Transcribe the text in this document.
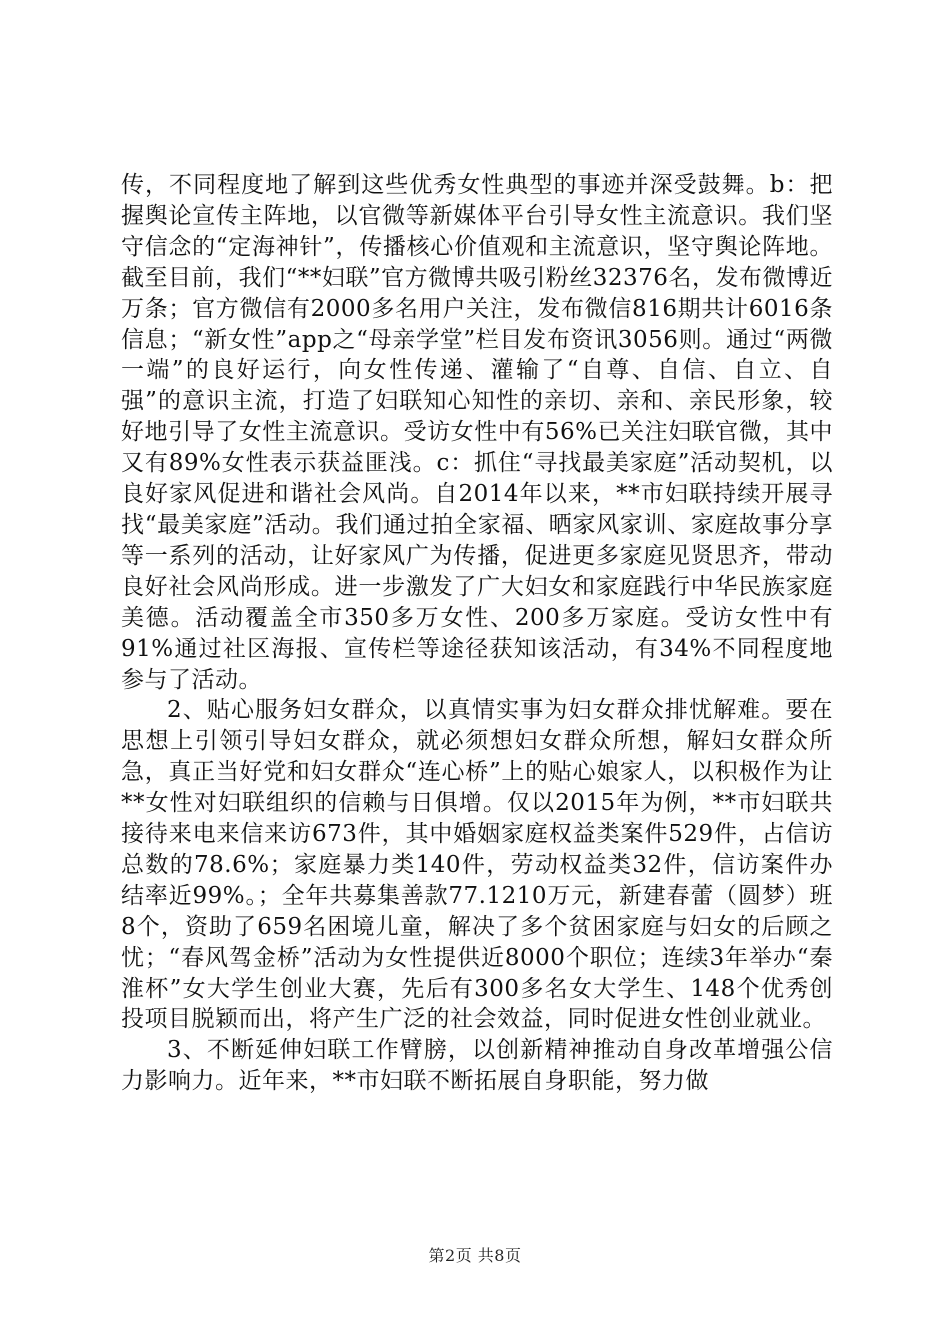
传，不同程度地了解到这些优秀女性典型的事迹并深受鼓舞。b：把握舆论宣传主阵地，以官微等新媒体平台引导女性主流意识。我们坚守信念的“定海神针”，传播核心价值观和主流意识，坚守舆论阵地。截至目前，我们“**妇联”官方微博共吸引粉丝32376名，发布微博近万条；官方微信有2000多名用户关注，发布微信816期共计6016条信息；“新女性”app之“母亲学堂”栏目发布资讯3056则。通过“两微一端”的良好运行，向女性传递、灌输了“自尊、自信、自立、自强”的意识主流，打造了妇联知心知性的亲切、亲和、亲民形象，较好地引导了女性主流意识。受访女性中有56%已关注妇联官微，其中又有89%女性表示获益匪浅。c：抓住“寻找最美家庭”活动契机，以良好家风促进和谐社会风尚。自2014年以来，**市妇联持续开展寻找“最美家庭”活动。我们通过拍全家福、晒家风家训、家庭故事分享等一系列的活动，让好家风广为传播，促进更多家庭见贤思齐，带动良好社会风尚形成。进一步激发了广大妇女和家庭践行中华民族家庭美德。活动覆盖全市350多万女性、200多万家庭。受访女性中有91%通过社区海报、宣传栏等途径获知该活动，有34%不同程度地参与了活动。

2、贴心服务妇女群众，以真情实事为妇女群众排忧解难。要在思想上引领引导妇女群众，就必须想妇女群众所想，解妇女群众所急，真正当好党和妇女群众“连心桥”上的贴心娘家人，以积极作为让**女性对妇联组织的信赖与日俱增。仅以2015年为例，**市妇联共接待来电来信来访673件，其中婚姻家庭权益类案件529件，占信访总数的78.6%；家庭暴力类140件，劳动权益类32件，信访案件办结率近99%。；全年共募集善款77.1210万元，新建春蕾（圆梦）班8个，资助了659名困境儿童，解决了多个贫困家庭与妇女的后顾之忧；“春风驾金桥”活动为女性提供近8000个职位；连续3年举办“秦淮杯”女大学生创业大赛，先后有300多名女大学生、148个优秀创投项目脱颖而出，将产生广泛的社会效益，同时促进女性创业就业。

3、不断延伸妇联工作臂膀，以创新精神推动自身改革增强公信力影响力。近年来，**市妇联不断拓展自身职能，努力做

第2页 共8页
